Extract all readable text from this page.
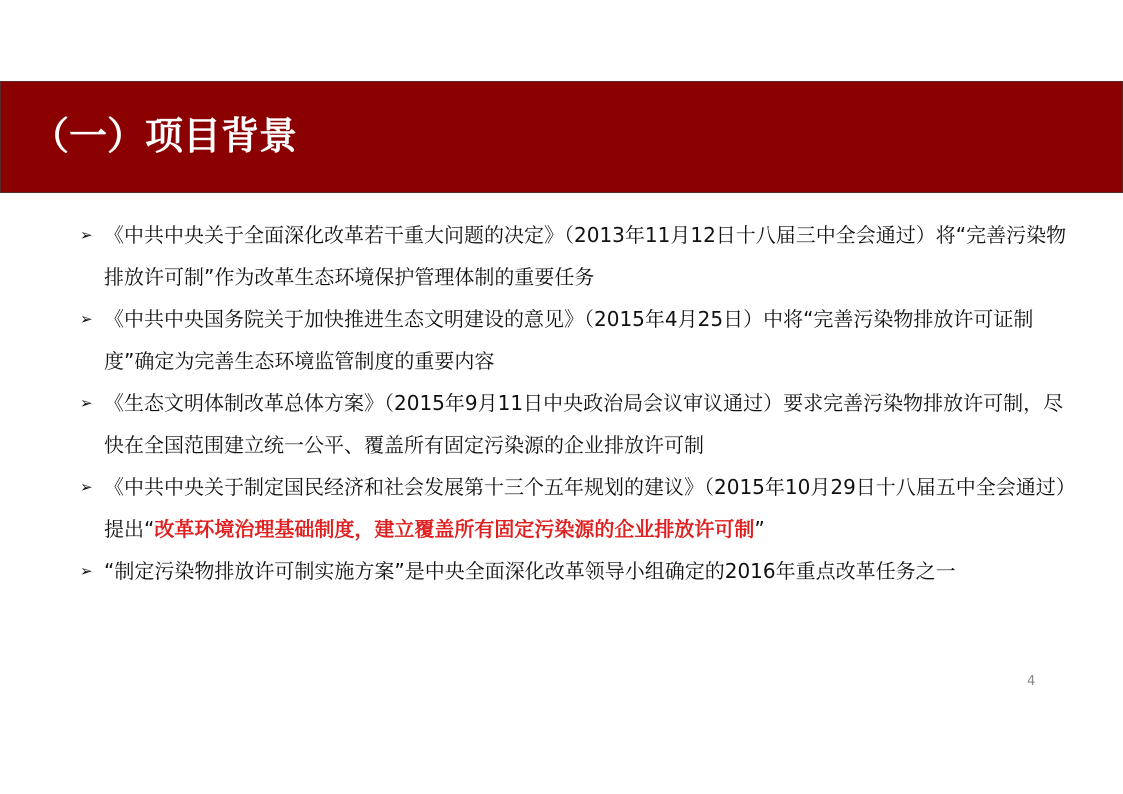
（一）项目背景
➢ 《中共中央关于全面深化改革若干重大问题的决定》（2013年11月12日十八届三中全会通过）将“完善污染物排放许可制”作为改革生态环境保护管理体制的重要任务
➢ 《中共中央国务院关于加快推进生态文明建设的意见》（2015年4月25日）中将“完善污染物排放许可证制度”确定为完善生态环境监管制度的重要内容
➢ 《生态文明体制改革总体方案》（2015年9月11日中央政治局会议审议通过）要求完善污染物排放许可制，尽快在全国范围建立统一公平、覆盖所有固定污染源的企业排放许可制
➢ 《中共中央关于制定国民经济和社会发展第十三个五年规划的建议》（2015年10月29日十八届五中全会通过）提出“改革环境治理基础制度，建立覆盖所有固定污染源的企业排放许可制”
➢ “制定污染物排放许可制实施方案”是中央全面深化改革领导小组确定的2016年重点改革任务之一
4
